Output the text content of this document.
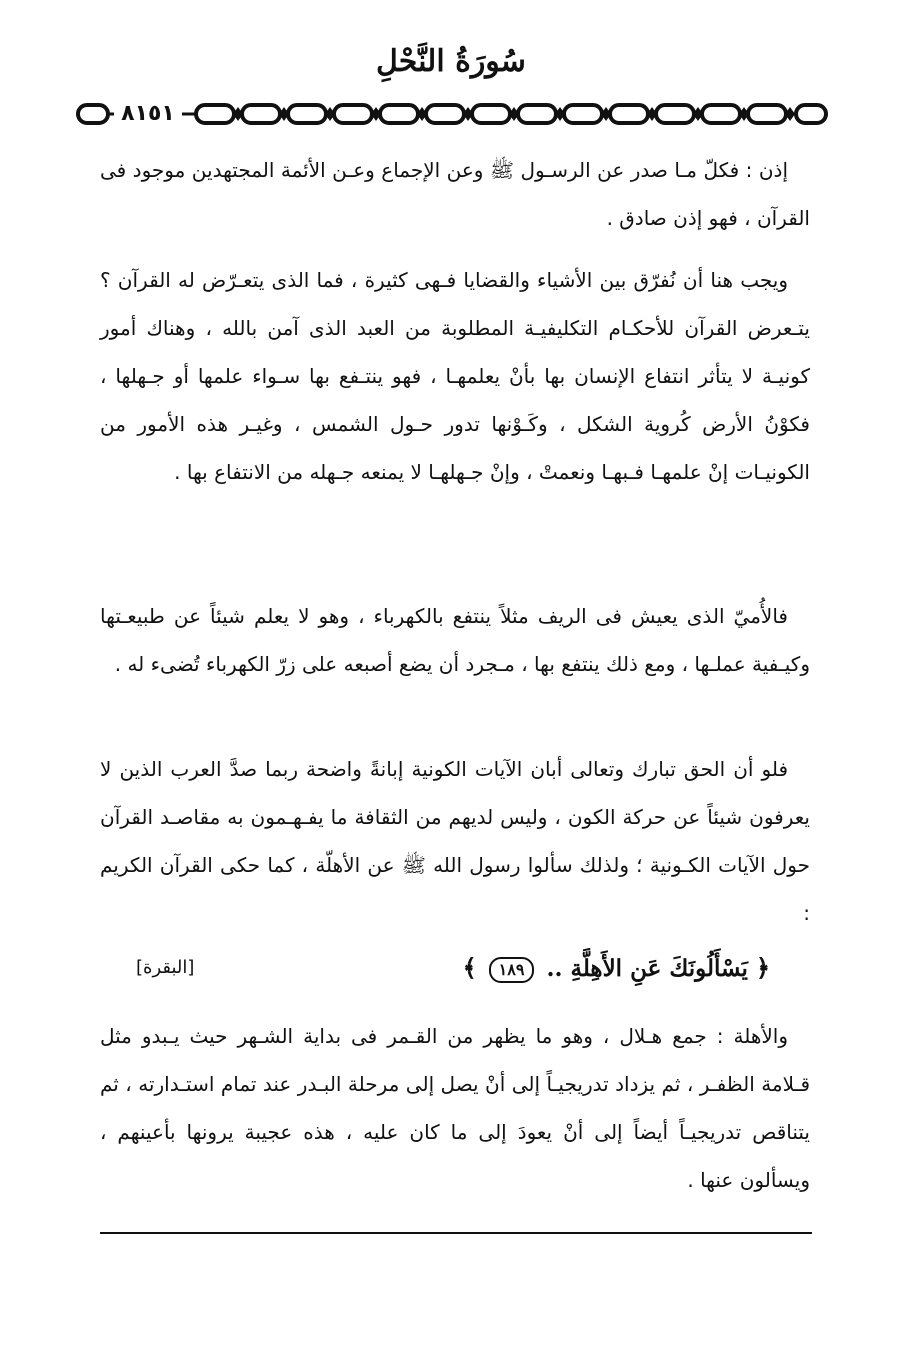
سُورَةُ النَّحْلِ
٨١٥١

إذن : فكلّ مـا صدر عن الرسـول ﷺ وعن الإجماع وعـن الأئمة المجتهدين موجود فى القرآن ، فهو إذن صادق .

ويجب هنا أن نُفرّق بين الأشياء والقضايا فـهى كثيرة ، فما الذى يتعـرّض له القرآن ؟ يتـعرض القرآن للأحكـام التكليفيـة المطلوبة من العبد الذى آمن بالله ، وهناك أمور كونيـة لا يتأثر انتفاع الإنسان بها بأنْ يعلمهـا ، فهو ينتـفع بها سـواء علمها أو جـهلها ، فكوْنُ الأرض كُروية الشكل ، وكَـوْنها تدور حـول الشمس ، وغيـر هذه الأمور من الكونيـات إنْ علمهـا فـبهـا ونعمتْ ، وإنْ جـهلهـا لا يمنعه جـهله من الانتفاع بها .

فالأُميّ الذى يعيش فى الريف مثلاً ينتفع بالكهرباء ، وهو لا يعلم شيئاً عن طبيعـتها وكيـفية عملـها ، ومع ذلك ينتفع بها ، مـجرد أن يضع أصبعه على زرّ الكهرباء تُضىء له .

فلو أن الحق تبارك وتعالى أبان الآيات الكونية إبانةً واضحة ربما صدَّ العرب الذين لا يعرفون شيئاً عن حركة الكون ، وليس لديهم من الثقافة ما يفـهـمون به مقاصـد القرآن حول الآيات الكـونية ؛ ولذلك سألوا رسول الله ﷺ عن الأهلّة ، كما حكى القرآن الكريم :

﴿ يَسْأَلُونَكَ عَنِ الأَهِلَّةِ .. ١٨٩ ﴾
[البقرة]

والأهلة : جمع هـلال ، وهو ما يظهر من القـمر فى بداية الشـهر حيث يـبدو مثل قـلامة الظفـر ، ثم يزداد تدريجيـاً إلى أنْ يصل إلى مرحلة البـدر عند تمام استـدارته ، ثم يتناقص تدريجيـاً أيضاً إلى أنْ يعودَ إلى ما كان عليه ، هذه عجيبة يرونها بأعينهم ، ويسألون عنها .
